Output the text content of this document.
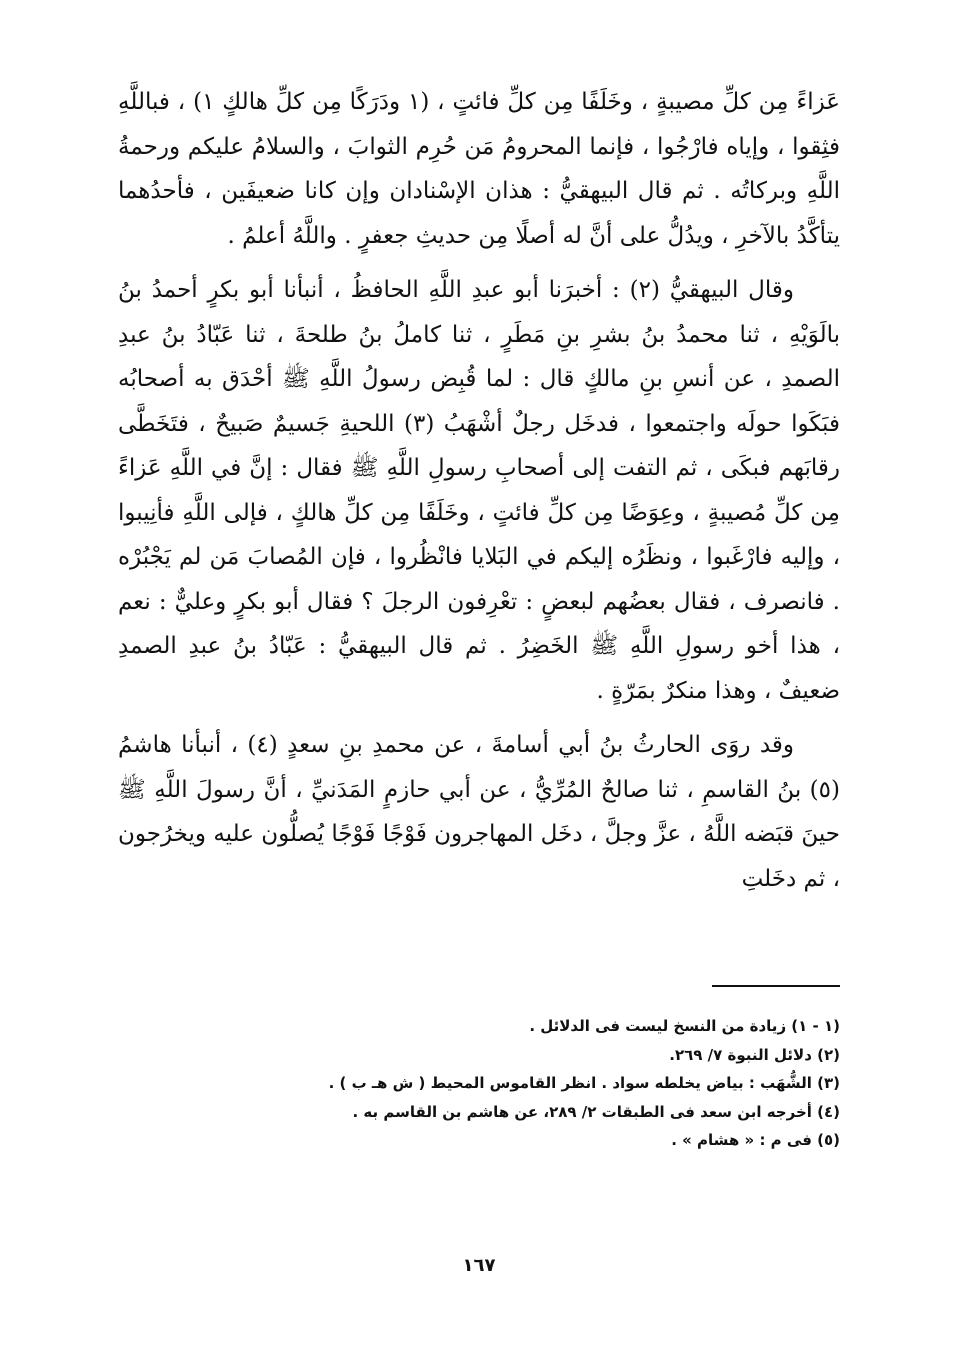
عَزاءً مِن كلِّ مصيبةٍ ، وخَلَفًا مِن كلِّ فائتٍ ، (١ ودَرَكًا مِن كلِّ هالكٍ ١) ، فباللَّهِ فثِقوا ، وإياه فارْجُوا ، فإنما المحرومُ مَن حُرِم الثوابَ ، والسلامُ عليكم ورحمةُ اللَّهِ وبركاتُه . ثم قال البيهقيُّ : هذان الإسْنادان وإن كانا ضعيفَين ، فأحدُهما يتأكَّدُ بالآخرِ ، ويدُلُّ على أنَّ له أصلًا مِن حديثِ جعفرٍ . واللَّهُ أعلمُ .

وقال البيهقيُّ (٢) : أخبرَنا أبو عبدِ اللَّهِ الحافظُ ، أنبأنا أبو بكرٍ أحمدُ بنُ بالَوَيْهِ ، ثنا محمدُ بنُ بشرِ بنِ مَطَرٍ ، ثنا كاملُ بنُ طلحةَ ، ثنا عَبّادُ بنُ عبدِ الصمدِ ، عن أنسِ بنِ مالكٍ قال : لما قُبِض رسولُ اللَّهِ ﷺ أحْدَق به أصحابُه فبَكَوا حولَه واجتمعوا ، فدخَل رجلٌ أشْهَبُ (٣) اللحيةِ جَسيمٌ صَبيحٌ ، فتَخَطَّى رقابَهم فبكَى ، ثم التفت إلى أصحابِ رسولِ اللَّهِ ﷺ فقال : إنَّ في اللَّهِ عَزاءً مِن كلِّ مُصيبةٍ ، وعِوَضًا مِن كلِّ فائتٍ ، وخَلَفًا مِن كلِّ هالكٍ ، فإلى اللَّهِ فأنِيبوا ، وإليه فارْغَبوا ، ونظَرُه إليكم في البَلايا فانْظُروا ، فإن المُصابَ مَن لم يَجْبُرْه . فانصرف ، فقال بعضُهم لبعضٍ : تعْرِفون الرجلَ ؟ فقال أبو بكرٍ وعليٌّ : نعم ، هذا أخو رسولِ اللَّهِ ﷺ الخَضِرُ . ثم قال البيهقيُّ : عَبّادُ بنُ عبدِ الصمدِ ضعيفٌ ، وهذا منكرٌ بمَرّةٍ .

وقد روَى الحارثُ بنُ أبي أسامةَ ، عن محمدِ بنِ سعدٍ (٤) ، أنبأنا هاشمُ (٥) بنُ القاسمِ ، ثنا صالحٌ المُرِّيُّ ، عن أبي حازمٍ المَدَنيِّ ، أنَّ رسولَ اللَّهِ ﷺ حينَ قبَضه اللَّهُ ، عزَّ وجلَّ ، دخَل المهاجرون فَوْجًا فَوْجًا يُصلُّون عليه ويخرُجون ، ثم دخَلتِ

(١ - ١) زيادة من النسخ ليست فى الدلائل .

(٢) دلائل النبوة ٧/ ٢٦٩.

(٣) الشُّهَب : بياض يخلطه سواد . انظر القاموس المحيط ( ش هـ ب ) .

(٤) أخرجه ابن سعد فى الطبقات ٢/ ٢٨٩، عن هاشم بن القاسم به .

(٥) فى م : « هشام » .

١٦٧
